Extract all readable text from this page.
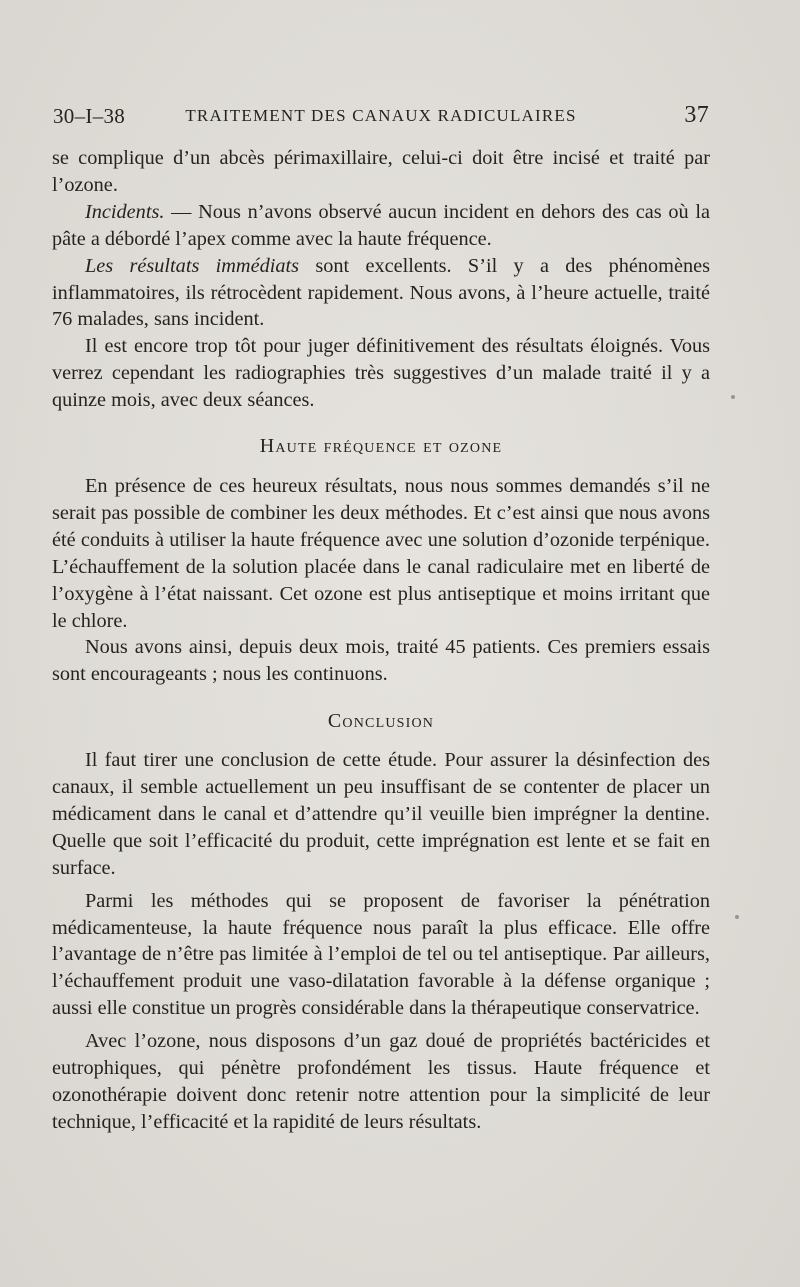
30–I–38	TRAITEMENT DES CANAUX RADICULAIRES	37

se complique d’un abcès périmaxillaire, celui-ci doit être incisé et traité par l’ozone.

Incidents. — Nous n’avons observé aucun incident en dehors des cas où la pâte a débordé l’apex comme avec la haute fréquence.

Les résultats immédiats sont excellents. S’il y a des phénomènes inflammatoires, ils rétrocèdent rapidement. Nous avons, à l’heure actuelle, traité 76 malades, sans incident.

Il est encore trop tôt pour juger définitivement des résultats éloignés. Vous verrez cependant les radiographies très suggestives d’un malade traité il y a quinze mois, avec deux séances.

Haute fréquence et ozone

En présence de ces heureux résultats, nous nous sommes demandés s’il ne serait pas possible de combiner les deux méthodes. Et c’est ainsi que nous avons été conduits à utiliser la haute fréquence avec une solution d’ozonide terpénique. L’échauffement de la solution placée dans le canal radiculaire met en liberté de l’oxygène à l’état naissant. Cet ozone est plus antiseptique et moins irritant que le chlore.

Nous avons ainsi, depuis deux mois, traité 45 patients. Ces premiers essais sont encourageants ; nous les continuons.

Conclusion

Il faut tirer une conclusion de cette étude. Pour assurer la désinfection des canaux, il semble actuellement un peu insuffisant de se contenter de placer un médicament dans le canal et d’attendre qu’il veuille bien imprégner la dentine. Quelle que soit l’efficacité du produit, cette imprégnation est lente et se fait en surface.

Parmi les méthodes qui se proposent de favoriser la pénétration médicamenteuse, la haute fréquence nous paraît la plus efficace. Elle offre l’avantage de n’être pas limitée à l’emploi de tel ou tel antiseptique. Par ailleurs, l’échauffement produit une vaso-dilatation favorable à la défense organique ; aussi elle constitue un progrès considérable dans la thérapeutique conservatrice.

Avec l’ozone, nous disposons d’un gaz doué de propriétés bactéricides et eutrophiques, qui pénètre profondément les tissus. Haute fréquence et ozonothérapie doivent donc retenir notre attention pour la simplicité de leur technique, l’efficacité et la rapidité de leurs résultats.
